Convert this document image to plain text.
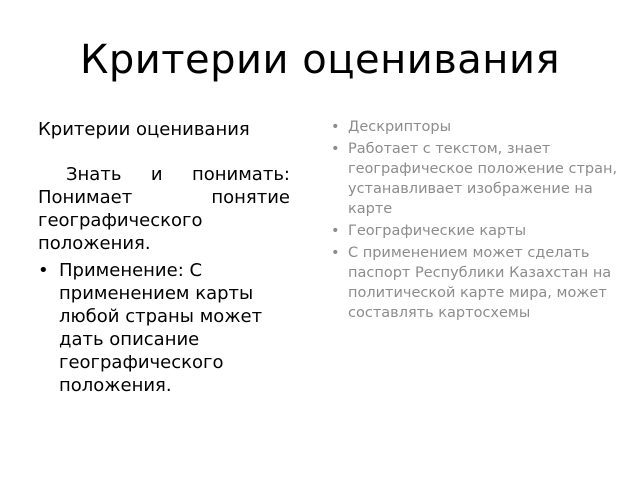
Критерии оценивания
Критерии оценивания
Знать и понимать: Понимает понятие географического положения.
• Применение: С применением карты любой страны может дать описание географического положения.
• Дескрипторы
• Работает с текстом, знает географическое положение стран, устанавливает изображение на карте
• Географические карты
• С применением может сделать паспорт Республики Казахстан на политической карте мира, может составлять картосхемы
